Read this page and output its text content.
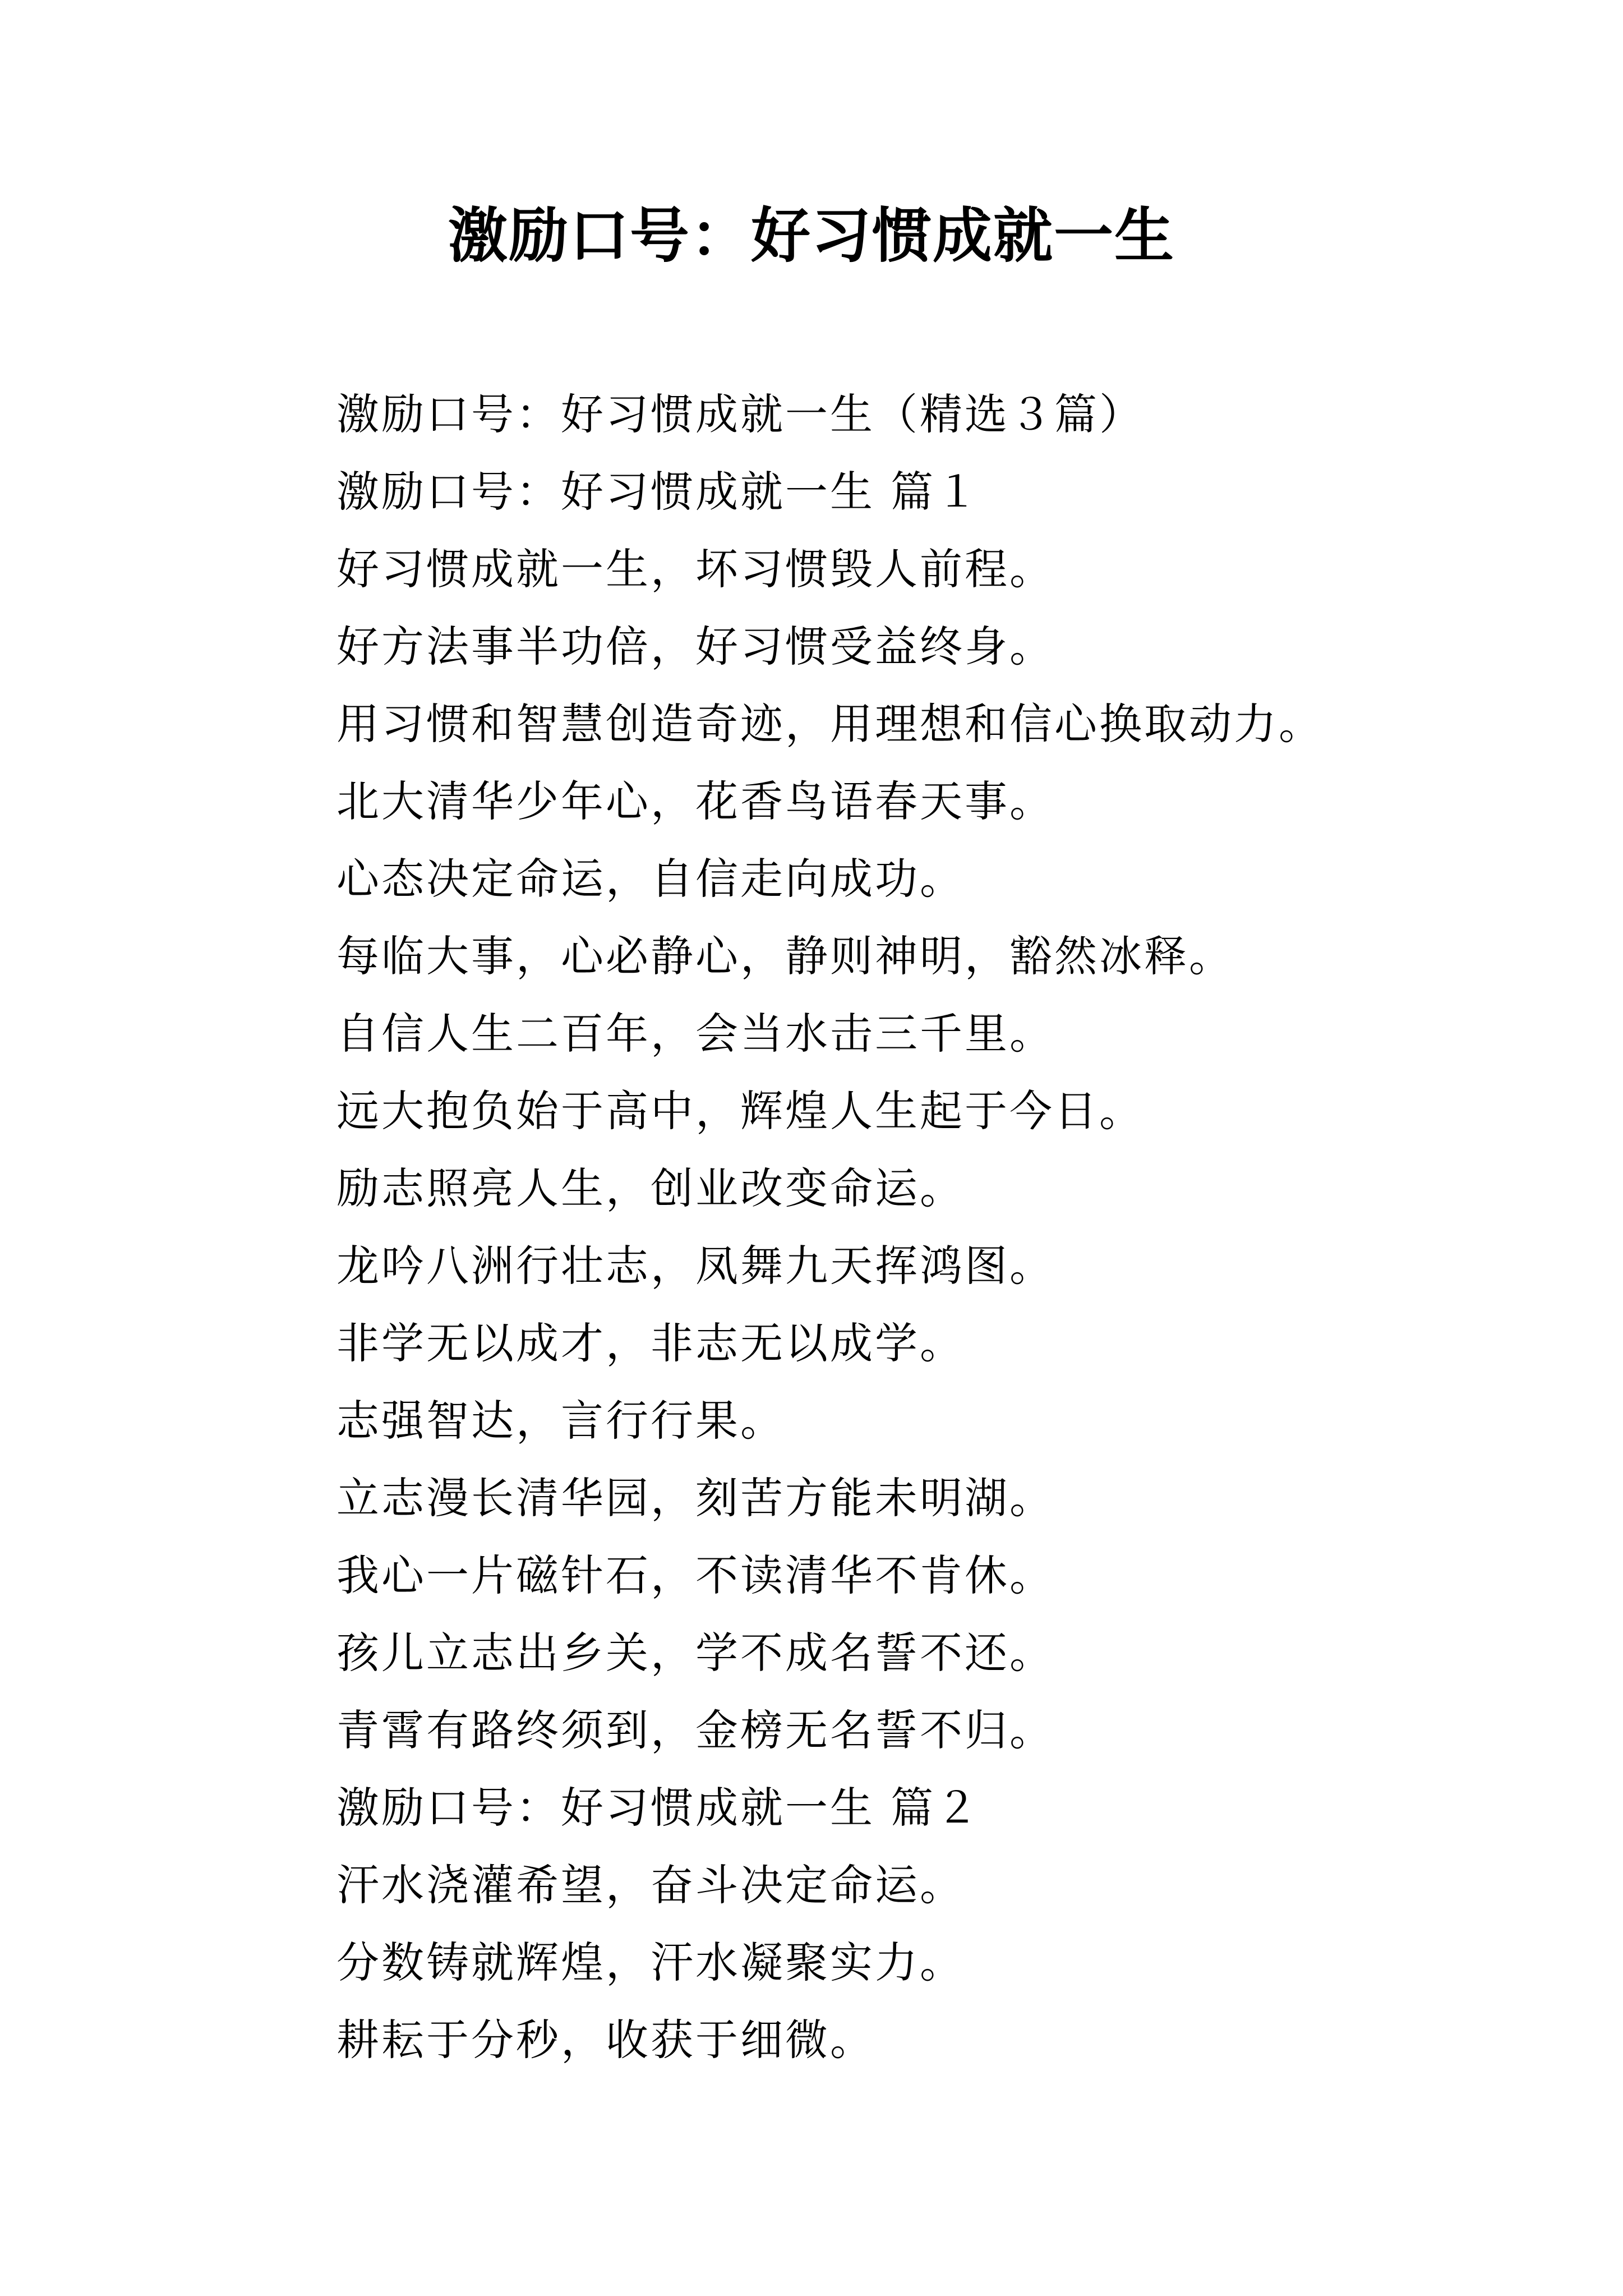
激励口号：好习惯成就一生
激励口号：好习惯成就一生（精选３篇）
激励口号：好习惯成就一生 篇１
好习惯成就一生，坏习惯毁人前程。
好方法事半功倍，好习惯受益终身。
用习惯和智慧创造奇迹，用理想和信心换取动力。
北大清华少年心，花香鸟语春天事。
心态决定命运，自信走向成功。
每临大事，心必静心，静则神明，豁然冰释。
自信人生二百年，会当水击三千里。
远大抱负始于高中，辉煌人生起于今日。
励志照亮人生，创业改变命运。
龙吟八洲行壮志，凤舞九天挥鸿图。
非学无以成才，非志无以成学。
志强智达，言行行果。
立志漫长清华园，刻苦方能未明湖。
我心一片磁针石，不读清华不肯休。
孩儿立志出乡关，学不成名誓不还。
青霄有路终须到，金榜无名誓不归。
激励口号：好习惯成就一生 篇２
汗水浇灌希望，奋斗决定命运。
分数铸就辉煌，汗水凝聚实力。
耕耘于分秒，收获于细微。
